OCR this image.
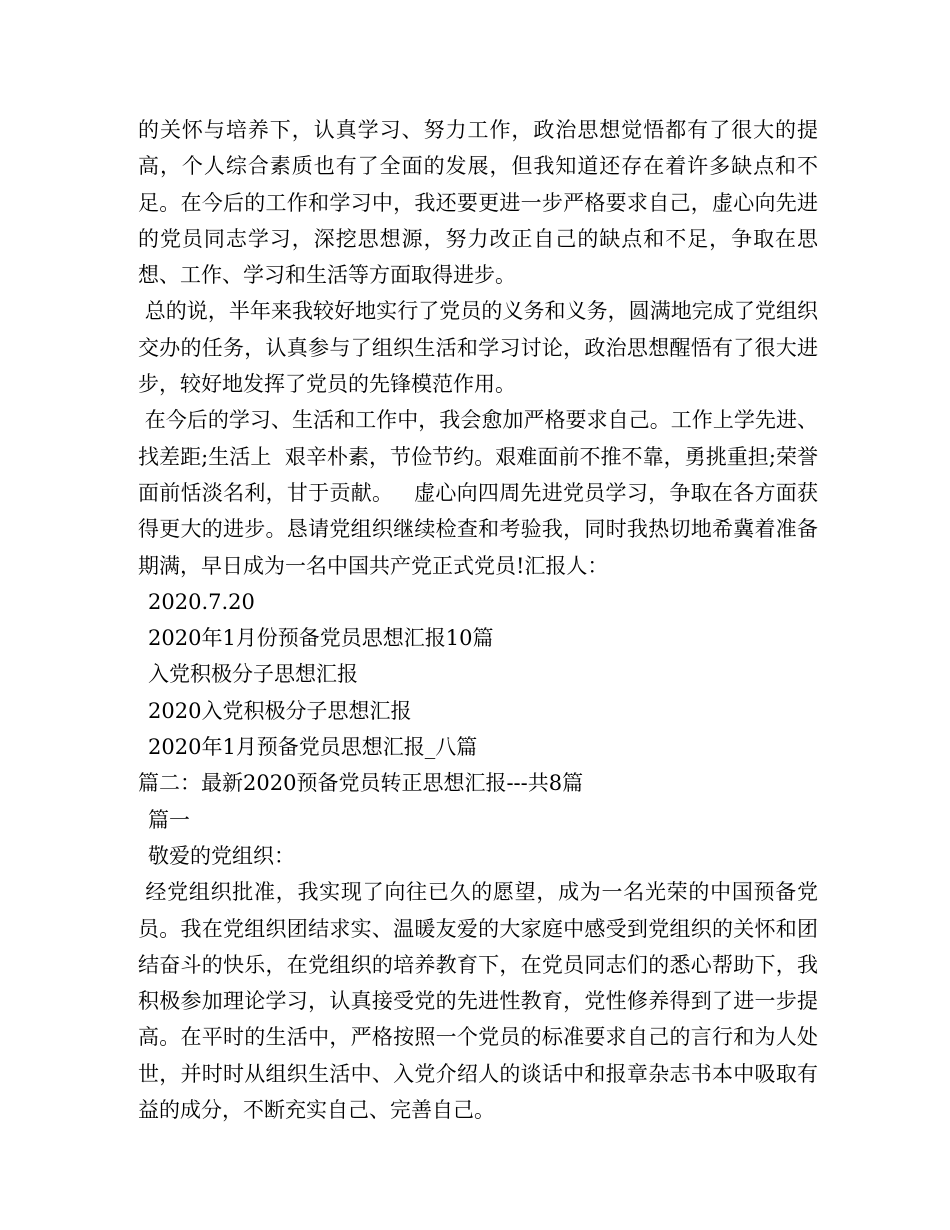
的关怀与培养下，认真学习、努力工作，政治思想觉悟都有了很大的提高，个人综合素质也有了全面的发展，但我知道还存在着许多缺点和不足。在今后的工作和学习中，我还要更进一步严格要求自己，虚心向先进的党员同志学习，深挖思想源，努力改正自己的缺点和不足，争取在思想、工作、学习和生活等方面取得进步。

总的说，半年来我较好地实行了党员的义务和义务，圆满地完成了党组织交办的任务，认真参与了组织生活和学习讨论，政治思想醒悟有了很大进步，较好地发挥了党员的先锋模范作用。

在今后的学习、生活和工作中，我会愈加严格要求自己。工作上学先进、找差距;生活上  艰辛朴素，节俭节约。艰难面前不推不靠，勇挑重担;荣誉面前恬淡名利，甘于贡献。   虚心向四周先进党员学习，争取在各方面获得更大的进步。恳请党组织继续检查和考验我，同时我热切地希冀着准备期满，早日成为一名中国共产党正式党员!汇报人：

2020.7.20

2020年1月份预备党员思想汇报10篇

入党积极分子思想汇报

2020入党积极分子思想汇报

2020年1月预备党员思想汇报_八篇

篇二：最新2020预备党员转正思想汇报---共8篇

篇一

敬爱的党组织：

经党组织批准，我实现了向往已久的愿望，成为一名光荣的中国预备党员。我在党组织团结求实、温暖友爱的大家庭中感受到党组织的关怀和团结奋斗的快乐，在党组织的培养教育下，在党员同志们的悉心帮助下，我积极参加理论学习，认真接受党的先进性教育，党性修养得到了进一步提高。在平时的生活中，严格按照一个党员的标准要求自己的言行和为人处世，并时时从组织生活中、入党介绍人的谈话中和报章杂志书本中吸取有益的成分，不断充实自己、完善自己。
